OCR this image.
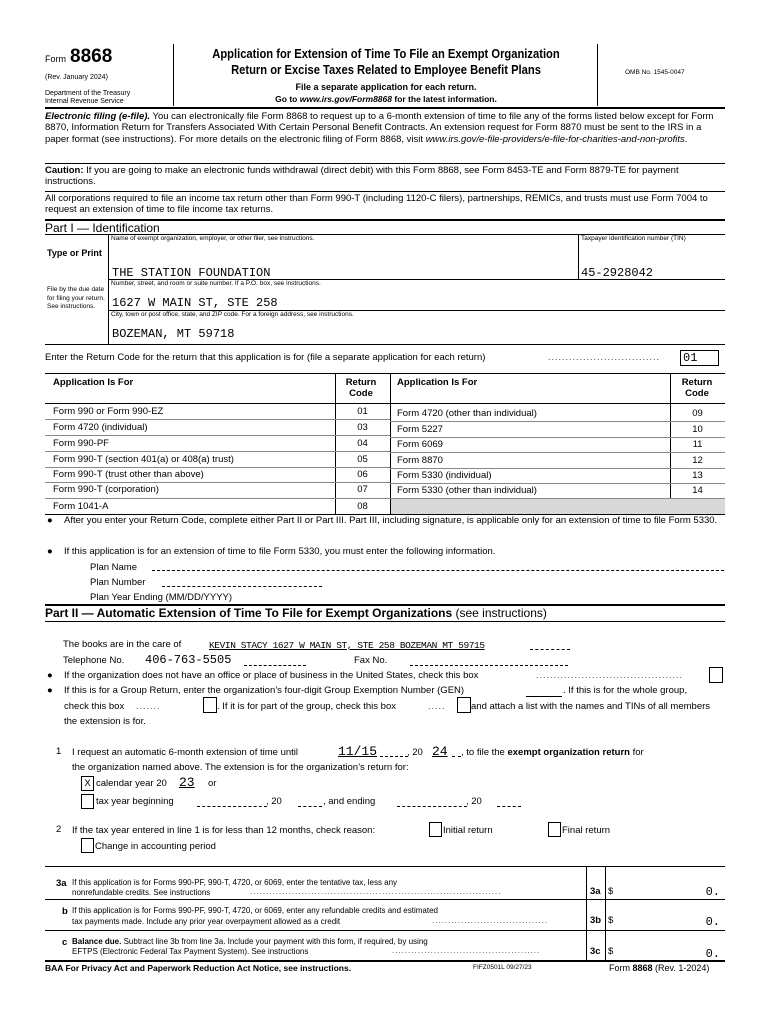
Form 8868
(Rev. January 2024)
Department of the Treasury
Internal Revenue Service
Application for Extension of Time To File an Exempt Organization
Return or Excise Taxes Related to Employee Benefit Plans
File a separate application for each return.
Go to www.irs.gov/Form8868 for the latest information.
OMB No. 1545-0047
Electronic filing (e-file). You can electronically file Form 8868 to request up to a 6-month extension of time to file any of the forms listed below except for Form 8870, Information Return for Transfers Associated With Certain Personal Benefit Contracts. An extension request for Form 8870 must be sent to the IRS in a paper format (see instructions). For more details on the electronic filing of Form 8868, visit www.irs.gov/e-file-providers/e-file-for-charities-and-non-profits.
Caution: If you are going to make an electronic funds withdrawal (direct debit) with this Form 8868, see Form 8453-TE and Form 8879-TE for payment instructions.
All corporations required to file an income tax return other than Form 990-T (including 1120-C filers), partnerships, REMICs, and trusts must use Form 7004 to request an extension of time to file income tax returns.
Part I — Identification
Type or Print
File by the due date for filing your return. See instructions.
Name of exempt organization, employer, or other filer, see instructions.
THE STATION FOUNDATION
Taxpayer identification number (TIN)
45-2928042
Number, street, and room or suite number. If a P.O. box, see instructions.
1627 W MAIN ST, STE 258
City, town or post office, state, and ZIP code. For a foreign address, see instructions.
BOZEMAN, MT 59718
Enter the Return Code for the return that this application is for (file a separate application for each return)	................................	01
Application Is For	Return Code
Application Is For	Return Code
Form 990 or Form 990-EZ	01
Form 4720 (individual)	03
Form 990-PF	04
Form 990-T (section 401(a) or 408(a) trust)	05
Form 990-T (trust other than above)	06
Form 990-T (corporation)	07
Form 1041-A	08
Form 4720 (other than individual)	09
Form 5227	10
Form 6069	11
Form 8870	12
Form 5330 (individual)	13
Form 5330 (other than individual)	14
● After you enter your Return Code, complete either Part II or Part III. Part III, including signature, is applicable only for an extension of time to file Form 5330.
● If this application is for an extension of time to file Form 5330, you must enter the following information.
Plan Name
Plan Number
Plan Year Ending (MM/DD/YYYY)
Part II — Automatic Extension of Time To File for Exempt Organizations (see instructions)
The books are in the care of	KEVIN STACY 1627 W MAIN ST, STE 258 BOZEMAN MT 59715
Telephone No. 406-763-5505	Fax No.
● If the organization does not have an office or place of business in the United States, check this box	..........................................
● If this is for a Group Return, enter the organization’s four-digit Group Exemption Number (GEN)	. If this is for the whole group,
check this box .......	. If it is for part of the group, check this box	.....	and attach a list with the names and TINs of all members
the extension is for.
1 I request an automatic 6-month extension of time until	11/15	, 20 24 , to file the exempt organization return for
the organization named above. The extension is for the organization’s return for:
X calendar year 20 23 or
tax year beginning	, 20	, and ending	, 20
2 If the tax year entered in line 1 is for less than 12 months, check reason:	Initial return	Final return
Change in accounting period
3a If this application is for Forms 990-PF, 990-T, 4720, or 6069, enter the tentative tax, less any
nonrefundable credits. See instructions	..............................................................................	3a $	0.
b If this application is for Forms 990-PF, 990-T, 4720, or 6069, enter any refundable credits and estimated
tax payments made. Include any prior year overpayment allowed as a credit	....................................	3b $	0.
c Balance due. Subtract line 3b from line 3a. Include your payment with this form, if required, by using
EFTPS (Electronic Federal Tax Payment System). See instructions	..............................................	3c $	0.
BAA For Privacy Act and Paperwork Reduction Act Notice, see instructions.	FIFZ0501L 09/27/23	Form 8868 (Rev. 1-2024)
